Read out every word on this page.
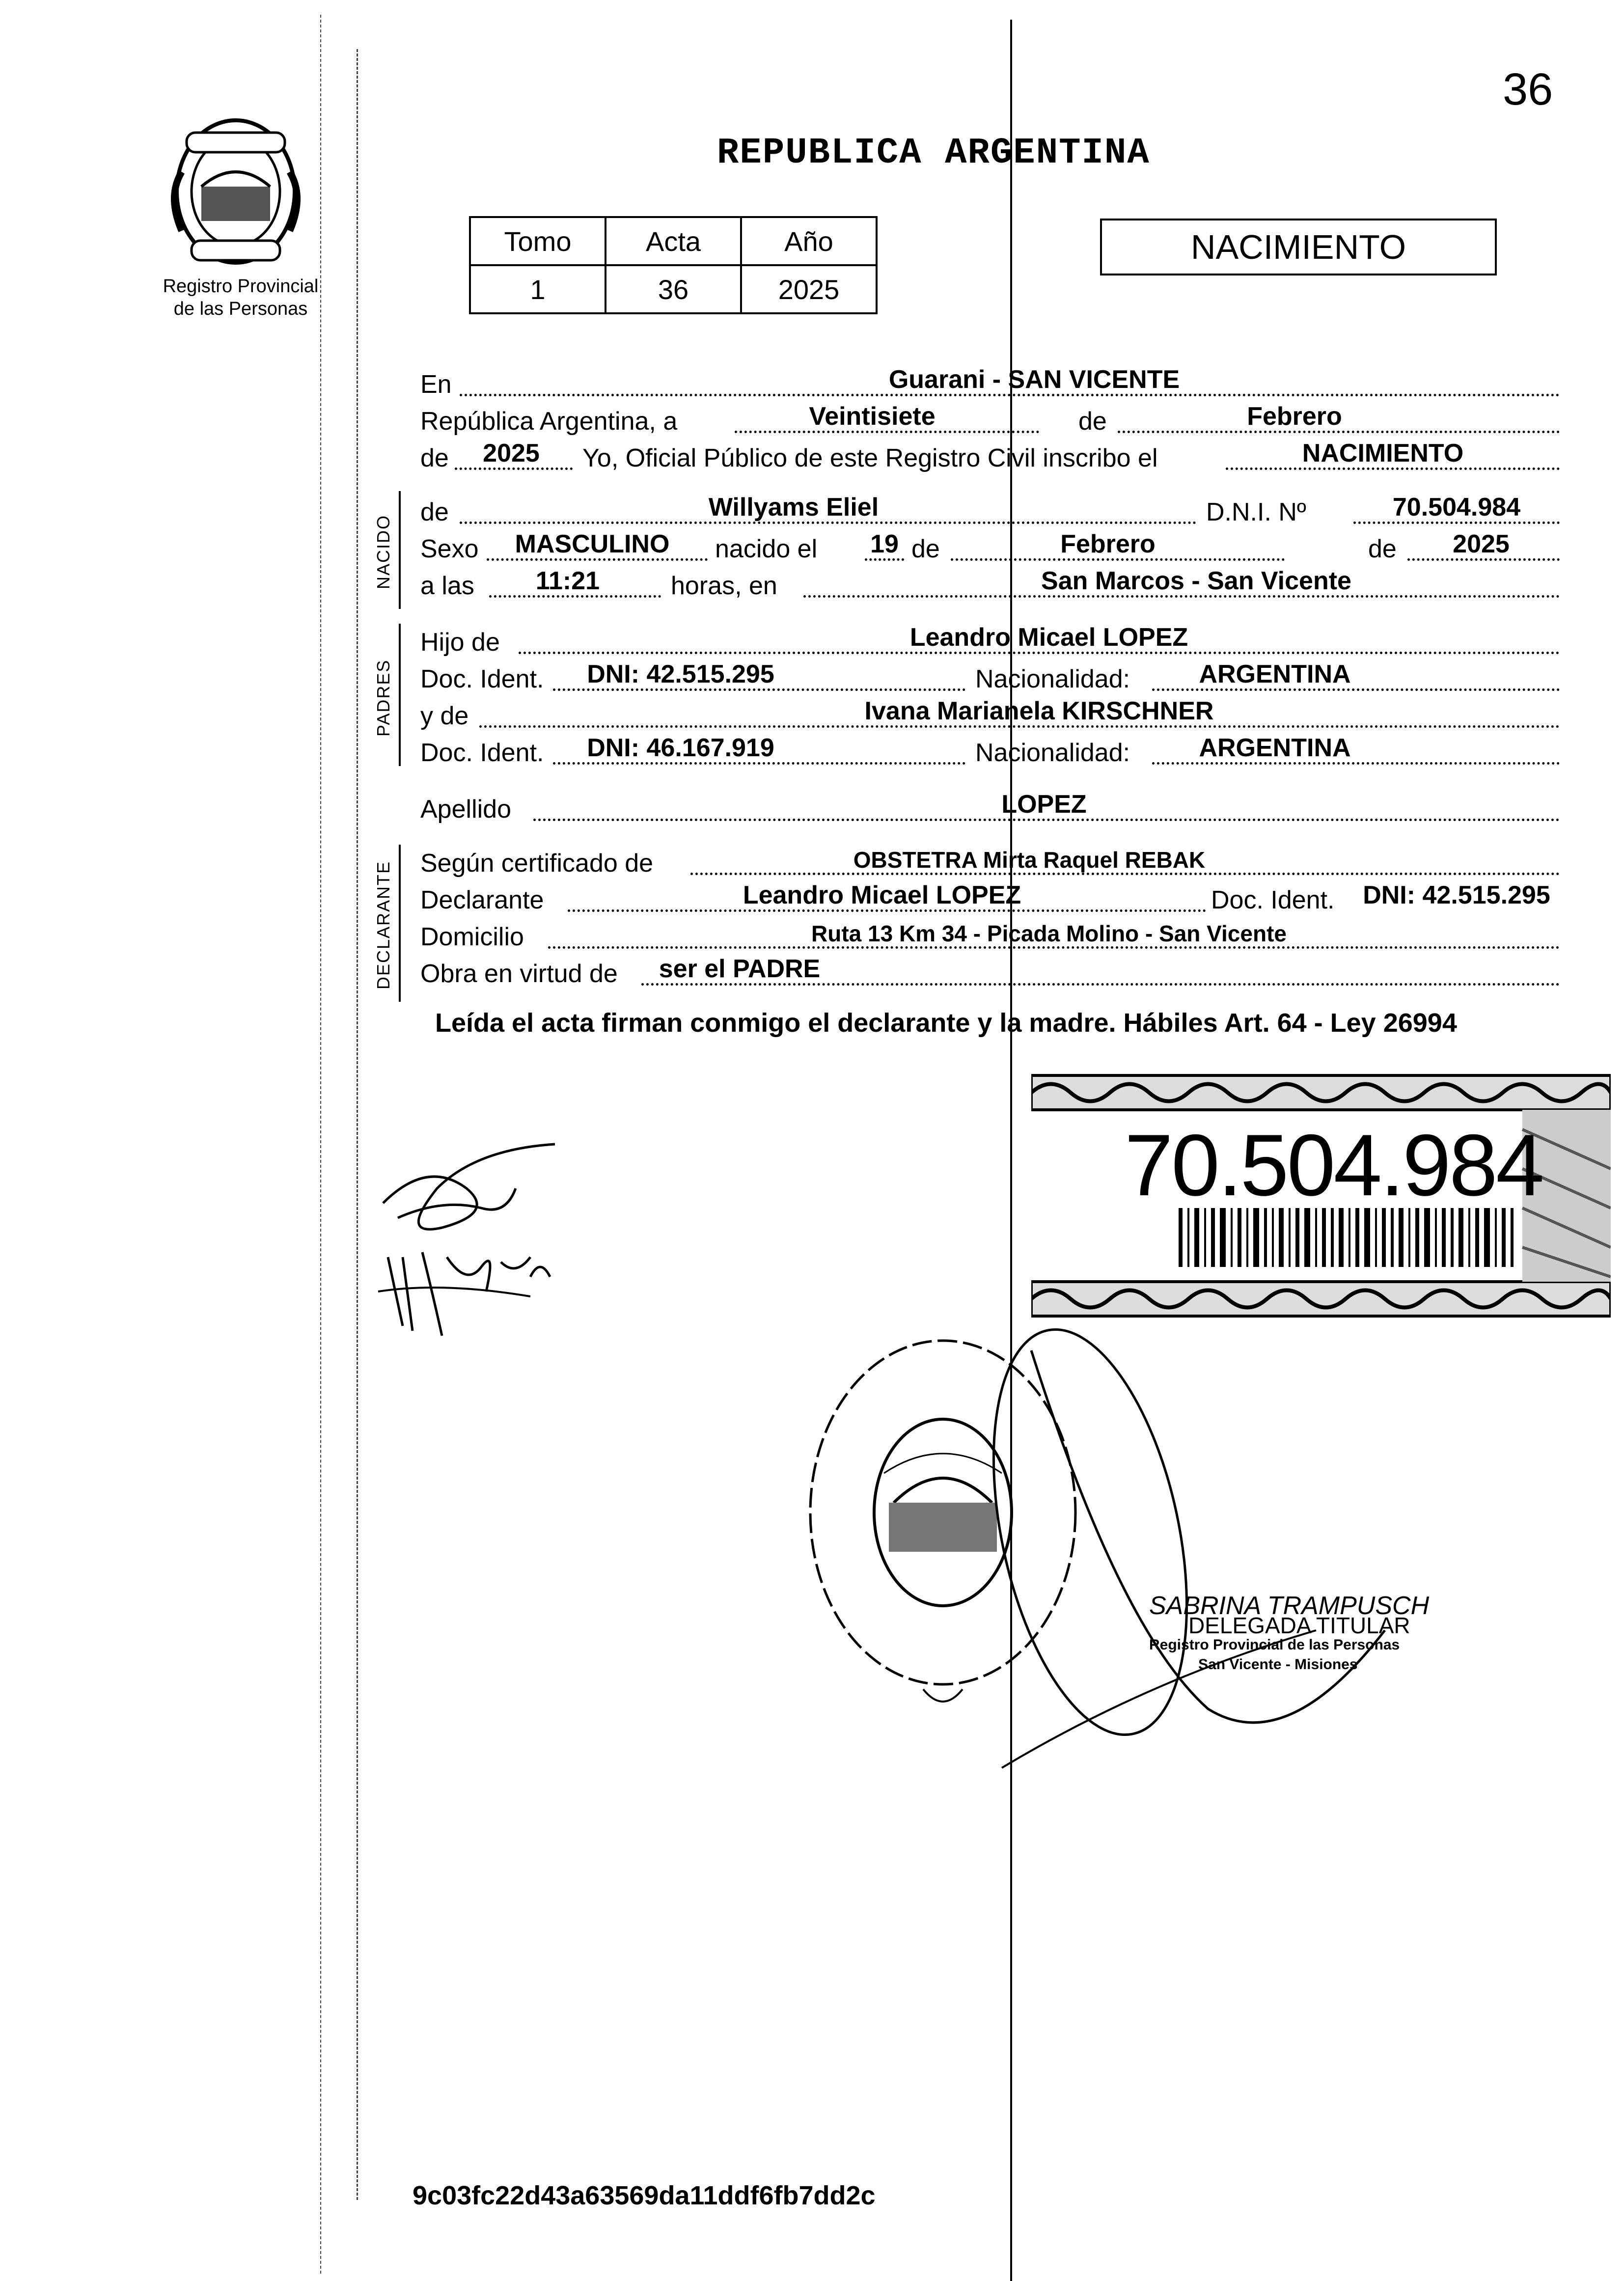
36
Registro Provincial
de las Personas
REPUBLICA ARGENTINA
Tomo	Acta	Año
1	36	2025
NACIMIENTO
NACIDO
PADRES
DECLARANTE
En	Guarani - SAN VICENTE
República Argentina, a	Veintisiete	de	Febrero
de	2025	Yo, Oficial Público de este Registro Civil inscribo el	NACIMIENTO
de	Willyams Eliel	D.N.I. Nº	70.504.984
Sexo	MASCULINO	nacido el 19 de	Febrero	de	2025
a las	11:21	horas, en	San Marcos - San Vicente
Hijo de	Leandro Micael LOPEZ
Doc. Ident.	DNI: 42.515.295	Nacionalidad:	ARGENTINA
y de	Ivana Marianela KIRSCHNER
Doc. Ident.	DNI: 46.167.919	Nacionalidad:	ARGENTINA
Apellido	LOPEZ
Según certificado de	OBSTETRA Mirta Raquel REBAK
Declarante	Leandro Micael LOPEZ	Doc. Ident.	DNI: 42.515.295
Domicilio	Ruta 13 Km 34 - Picada Molino - San Vicente
Obra en virtud de	ser el PADRE
Leída el acta firman conmigo el declarante y la madre. Hábiles Art. 64 - Ley 26994
70.504.984
SABRINA TRAMPUSCH
DELEGADA TITULAR
Registro Provincial de las Personas
San Vicente - Misiones
9c03fc22d43a63569da11ddf6fb7dd2c
